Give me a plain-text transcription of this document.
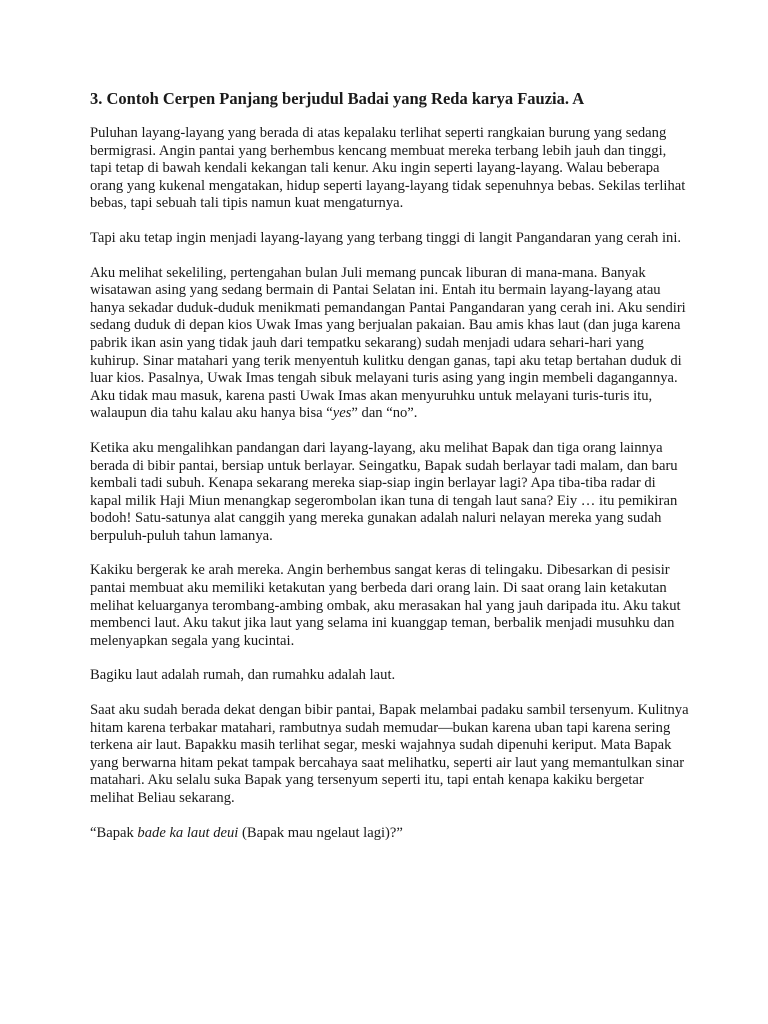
3. Contoh Cerpen Panjang berjudul Badai yang Reda karya Fauzia. A

Puluhan layang-layang yang berada di atas kepalaku terlihat seperti rangkaian burung yang sedang bermigrasi. Angin pantai yang berhembus kencang membuat mereka terbang lebih jauh dan tinggi, tapi tetap di bawah kendali kekangan tali kenur. Aku ingin seperti layang-layang. Walau beberapa orang yang kukenal mengatakan, hidup seperti layang-layang tidak sepenuhnya bebas. Sekilas terlihat bebas, tapi sebuah tali tipis namun kuat mengaturnya.

Tapi aku tetap ingin menjadi layang-layang yang terbang tinggi di langit Pangandaran yang cerah ini.

Aku melihat sekeliling, pertengahan bulan Juli memang puncak liburan di mana-mana. Banyak wisatawan asing yang sedang bermain di Pantai Selatan ini. Entah itu bermain layang-layang atau hanya sekadar duduk-duduk menikmati pemandangan Pantai Pangandaran yang cerah ini. Aku sendiri sedang duduk di depan kios Uwak Imas yang berjualan pakaian. Bau amis khas laut (dan juga karena pabrik ikan asin yang tidak jauh dari tempatku sekarang) sudah menjadi udara sehari-hari yang kuhirup. Sinar matahari yang terik menyentuh kulitku dengan ganas, tapi aku tetap bertahan duduk di luar kios. Pasalnya, Uwak Imas tengah sibuk melayani turis asing yang ingin membeli dagangannya. Aku tidak mau masuk, karena pasti Uwak Imas akan menyuruhku untuk melayani turis-turis itu, walaupun dia tahu kalau aku hanya bisa “yes” dan “no”.

Ketika aku mengalihkan pandangan dari layang-layang, aku melihat Bapak dan tiga orang lainnya berada di bibir pantai, bersiap untuk berlayar. Seingatku, Bapak sudah berlayar tadi malam, dan baru kembali tadi subuh. Kenapa sekarang mereka siap-siap ingin berlayar lagi? Apa tiba-tiba radar di kapal milik Haji Miun menangkap segerombolan ikan tuna di tengah laut sana? Eiy … itu pemikiran bodoh! Satu-satunya alat canggih yang mereka gunakan adalah naluri nelayan mereka yang sudah berpuluh-puluh tahun lamanya.

Kakiku bergerak ke arah mereka. Angin berhembus sangat keras di telingaku. Dibesarkan di pesisir pantai membuat aku memiliki ketakutan yang berbeda dari orang lain. Di saat orang lain ketakutan melihat keluarganya terombang-ambing ombak, aku merasakan hal yang jauh daripada itu. Aku takut membenci laut. Aku takut jika laut yang selama ini kuanggap teman, berbalik menjadi musuhku dan melenyapkan segala yang kucintai.

Bagiku laut adalah rumah, dan rumahku adalah laut.

Saat aku sudah berada dekat dengan bibir pantai, Bapak melambai padaku sambil tersenyum. Kulitnya hitam karena terbakar matahari, rambutnya sudah memudar—bukan karena uban tapi karena sering terkena air laut. Bapakku masih terlihat segar, meski wajahnya sudah dipenuhi keriput. Mata Bapak yang berwarna hitam pekat tampak bercahaya saat melihatku, seperti air laut yang memantulkan sinar matahari. Aku selalu suka Bapak yang tersenyum seperti itu, tapi entah kenapa kakiku bergetar melihat Beliau sekarang.

“Bapak bade ka laut deui (Bapak mau ngelaut lagi)?”
